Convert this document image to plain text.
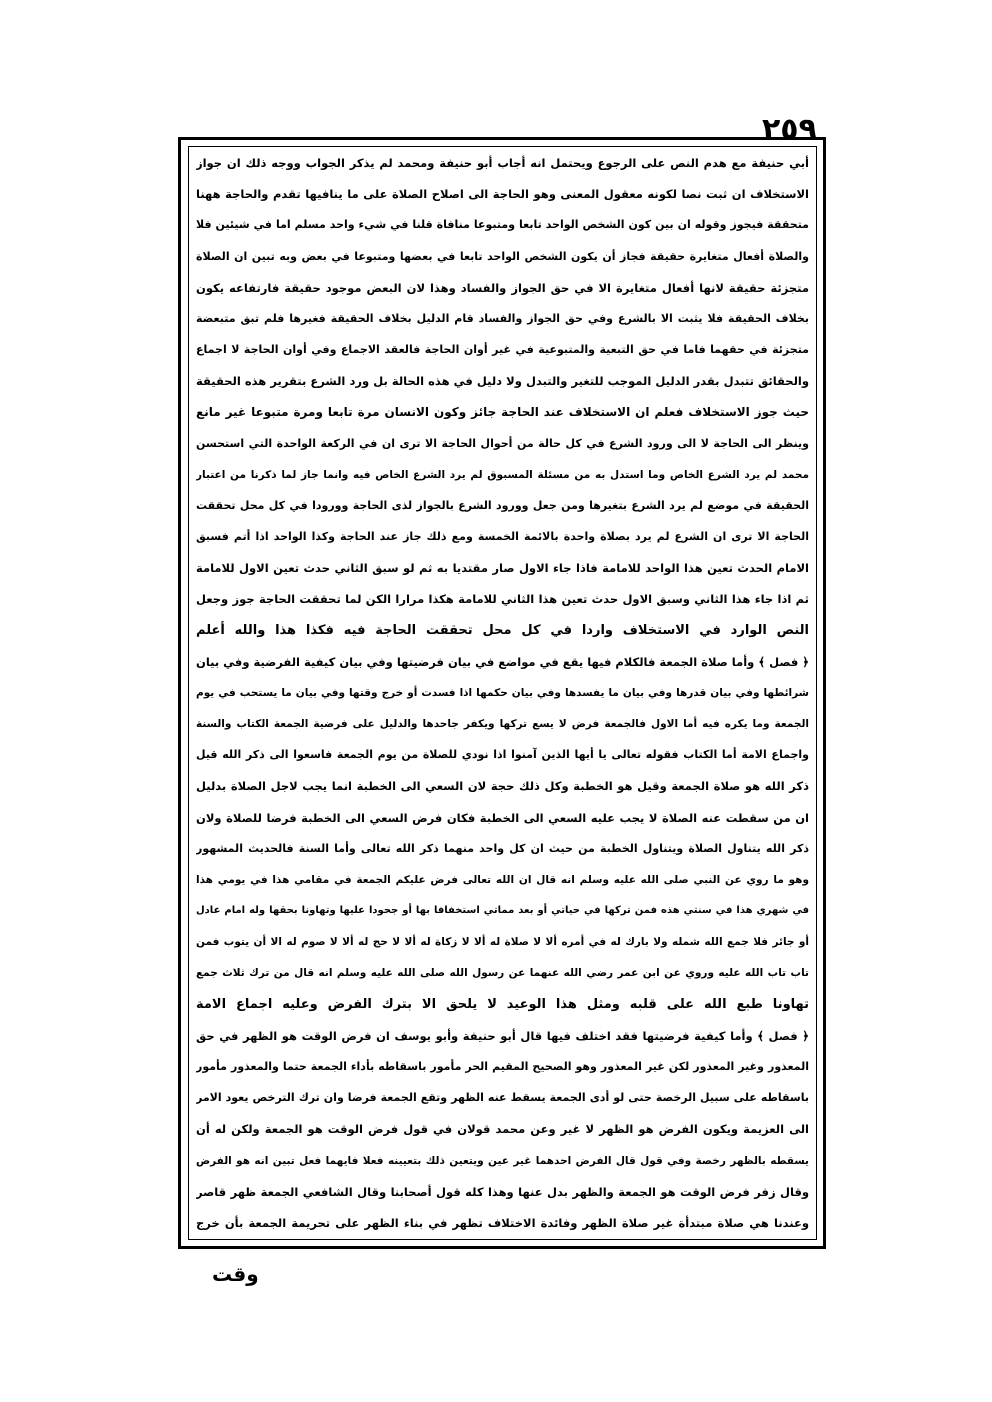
٢٥٩
أبي حنيفة مع هدم النص على الرجوع ويحتمل انه أجاب أبو حنيفة ومحمد لم يذكر الجواب ووجه ذلك ان جواز
الاستخلاف ان ثبت نصا لكونه معقول المعنى وهو الحاجة الى اصلاح الصلاة على ما ينافيها تقدم والحاجة ههنا
متحققة فيجوز وقوله ان بين كون الشخص الواحد تابعا ومتبوعا منافاة قلنا في شيء واحد مسلم اما في شيئين فلا
والصلاة أفعال متغايرة حقيقة فجاز أن يكون الشخص الواحد تابعا في بعضها ومتبوعا في بعض وبه تبين ان الصلاة
متجزئة حقيقة لانها أفعال متغايرة الا في حق الجواز والفساد وهذا لان البعض موجود حقيقة فارتفاعه يكون
بخلاف الحقيقة فلا يثبت الا بالشرع وفي حق الجواز والفساد قام الدليل بخلاف الحقيقة فغيرها فلم تبق متبعضة
متجزئة في حقهما فاما في حق التبعية والمتبوعية في غير أوان الحاجة فالعقد الاجماع وفي أوان الحاجة لا اجماع
والحقائق تتبدل بقدر الدليل الموجب للتغير والتبدل ولا دليل في هذه الحالة بل ورد الشرع بتقرير هذه الحقيقة
حيث جوز الاستخلاف فعلم ان الاستخلاف عند الحاجة جائز وكون الانسان مرة تابعا ومرة متبوعا غير مانع
وينظر الى الحاجة لا الى ورود الشرع في كل حالة من أحوال الحاجة الا ترى ان في الركعة الواحدة التي استحسن
محمد لم يرد الشرع الخاص وما استدل به من مسئلة المسبوق لم يرد الشرع الخاص فيه وانما جاز لما ذكرنا من اعتبار
الحقيقة في موضع لم يرد الشرع بتغيرها ومن جعل وورود الشرع بالجواز لذى الحاجة وورودا في كل محل تحققت
الحاجة الا ترى ان الشرع لم يرد بصلاة واحدة بالائمة الخمسة ومع ذلك جاز عند الحاجة وكذا الواحد اذا أتم فسبق
الامام الحدث تعين هذا الواحد للامامة فاذا جاء الاول صار مقتديا به ثم لو سبق الثاني حدث تعين الاول للامامة
ثم اذا جاء هذا الثاني وسبق الاول حدث تعين هذا الثاني للامامة هكذا مرارا الكن لما تحققت الحاجة جوز وجعل
النص الوارد في الاستخلاف واردا في كل محل تحققت الحاجة فيه فكذا هذا والله أعلم
﴿ فصل ﴾ وأما صلاة الجمعة فالكلام فيها يقع في مواضع في بيان فرضيتها وفي بيان كيفية الفرضية وفي بيان
شرائطها وفي بيان قدرها وفي بيان ما يفسدها وفي بيان حكمها اذا فسدت أو خرج وقتها وفي بيان ما يستحب في يوم
الجمعة وما يكره فيه أما الاول فالجمعة فرض لا يسع تركها ويكفر جاحدها والدليل على فرضية الجمعة الكتاب والسنة
واجماع الامة أما الكتاب فقوله تعالى يا أيها الذين آمنوا اذا نودي للصلاة من يوم الجمعة فاسعوا الى ذكر الله قيل
ذكر الله هو صلاة الجمعة وقيل هو الخطبة وكل ذلك حجة لان السعي الى الخطبة انما يجب لاجل الصلاة بدليل
ان من سقطت عنه الصلاة لا يجب عليه السعي الى الخطبة فكان فرض السعي الى الخطبة فرضا للصلاة ولان
ذكر الله يتناول الصلاة ويتناول الخطبة من حيث ان كل واحد منهما ذكر الله تعالى وأما السنة فالحديث المشهور
وهو ما روي عن النبي صلى الله عليه وسلم انه قال ان الله تعالى فرض عليكم الجمعة في مقامي هذا في يومي هذا
في شهري هذا في سنتي هذه فمن تركها في حياتي أو بعد مماتي استخفافا بها أو جحودا عليها وتهاونا بحقها وله امام عادل
أو جائر فلا جمع الله شمله ولا بارك له في أمره ألا لا صلاة له ألا لا زكاة له ألا لا حج له ألا لا صوم له الا أن يتوب فمن
تاب تاب الله عليه وروي عن ابن عمر رضي الله عنهما عن رسول الله صلى الله عليه وسلم انه قال من ترك ثلاث جمع
تهاونا طبع الله على قلبه ومثل هذا الوعيد لا يلحق الا بترك الفرض وعليه اجماع الامة
﴿ فصل ﴾ وأما كيفية فرضيتها فقد اختلف فيها قال أبو حنيفة وأبو يوسف ان فرض الوقت هو الظهر في حق
المعذور وغير المعذور لكن غير المعذور وهو الصحيح المقيم الحر مأمور باسقاطه بأداء الجمعة حتما والمعذور مأمور
باسقاطه على سبيل الرخصة حتى لو أدى الجمعة يسقط عنه الظهر وتقع الجمعة فرضا وان ترك الترخص يعود الامر
الى العزيمة ويكون الفرض هو الظهر لا غير وعن محمد قولان في قول فرض الوقت هو الجمعة ولكن له أن
يسقطه بالظهر رخصة وفي قول قال الفرض احدهما غير عين ويتعين ذلك بتعيينه فعلا فايهما فعل تبين انه هو الفرض
وقال زفر فرض الوقت هو الجمعة والظهر بدل عنها وهذا كله قول أصحابنا وقال الشافعي الجمعة ظهر قاصر
وعندنا هي صلاة مبتدأة غير صلاة الظهر وفائدة الاختلاف تظهر في بناء الظهر على تحريمة الجمعة بأن خرج
وقت
